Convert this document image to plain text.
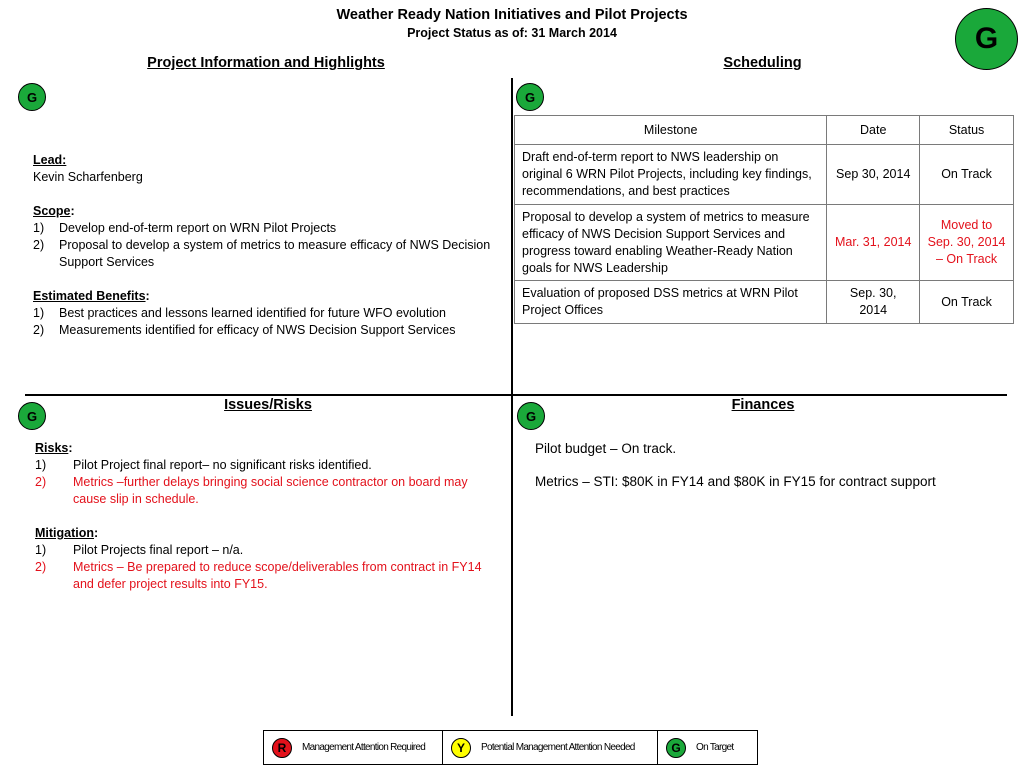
Weather Ready Nation Initiatives and Pilot Projects
Project Status as of: 31 March 2014	G
Project Information and Highlights
G
Lead:
Kevin Scharfenberg
Scope:
1)	Develop end-of-term report on WRN Pilot Projects
2)	Proposal to develop a system of metrics to measure efficacy of NWS Decision Support Services
Estimated Benefits:
1)	Best practices and lessons learned identified for future WFO evolution
2)	Measurements identified for efficacy of NWS Decision Support Services
Scheduling
G
Milestone	Date	Status
Draft end-of-term report to NWS leadership on original 6 WRN Pilot Projects, including key findings, recommendations, and best practices	Sep 30, 2014	On Track
Proposal to develop a system of metrics to measure efficacy of NWS Decision Support Services and progress toward enabling Weather-Ready Nation goals for NWS Leadership	Mar. 31, 2014	Moved to Sep. 30, 2014 – On Track
Evaluation of proposed DSS metrics at WRN Pilot Project Offices	Sep. 30, 2014	On Track
Issues/Risks
G
Risks:
1)	Pilot Project final report– no significant risks identified.
2)	Metrics –further delays bringing social science contractor on board may cause slip in schedule.
Mitigation:
1)	Pilot Projects final report – n/a.
2)	Metrics – Be prepared to reduce scope/deliverables from contract in FY14 and defer project results into FY15.
Finances
G

Pilot budget – On track.

Metrics – STI: $80K in FY14 and $80K in FY15 for contract support

R	Management Attention Required	Y	Potential Management Attention Needed	G	On Target
